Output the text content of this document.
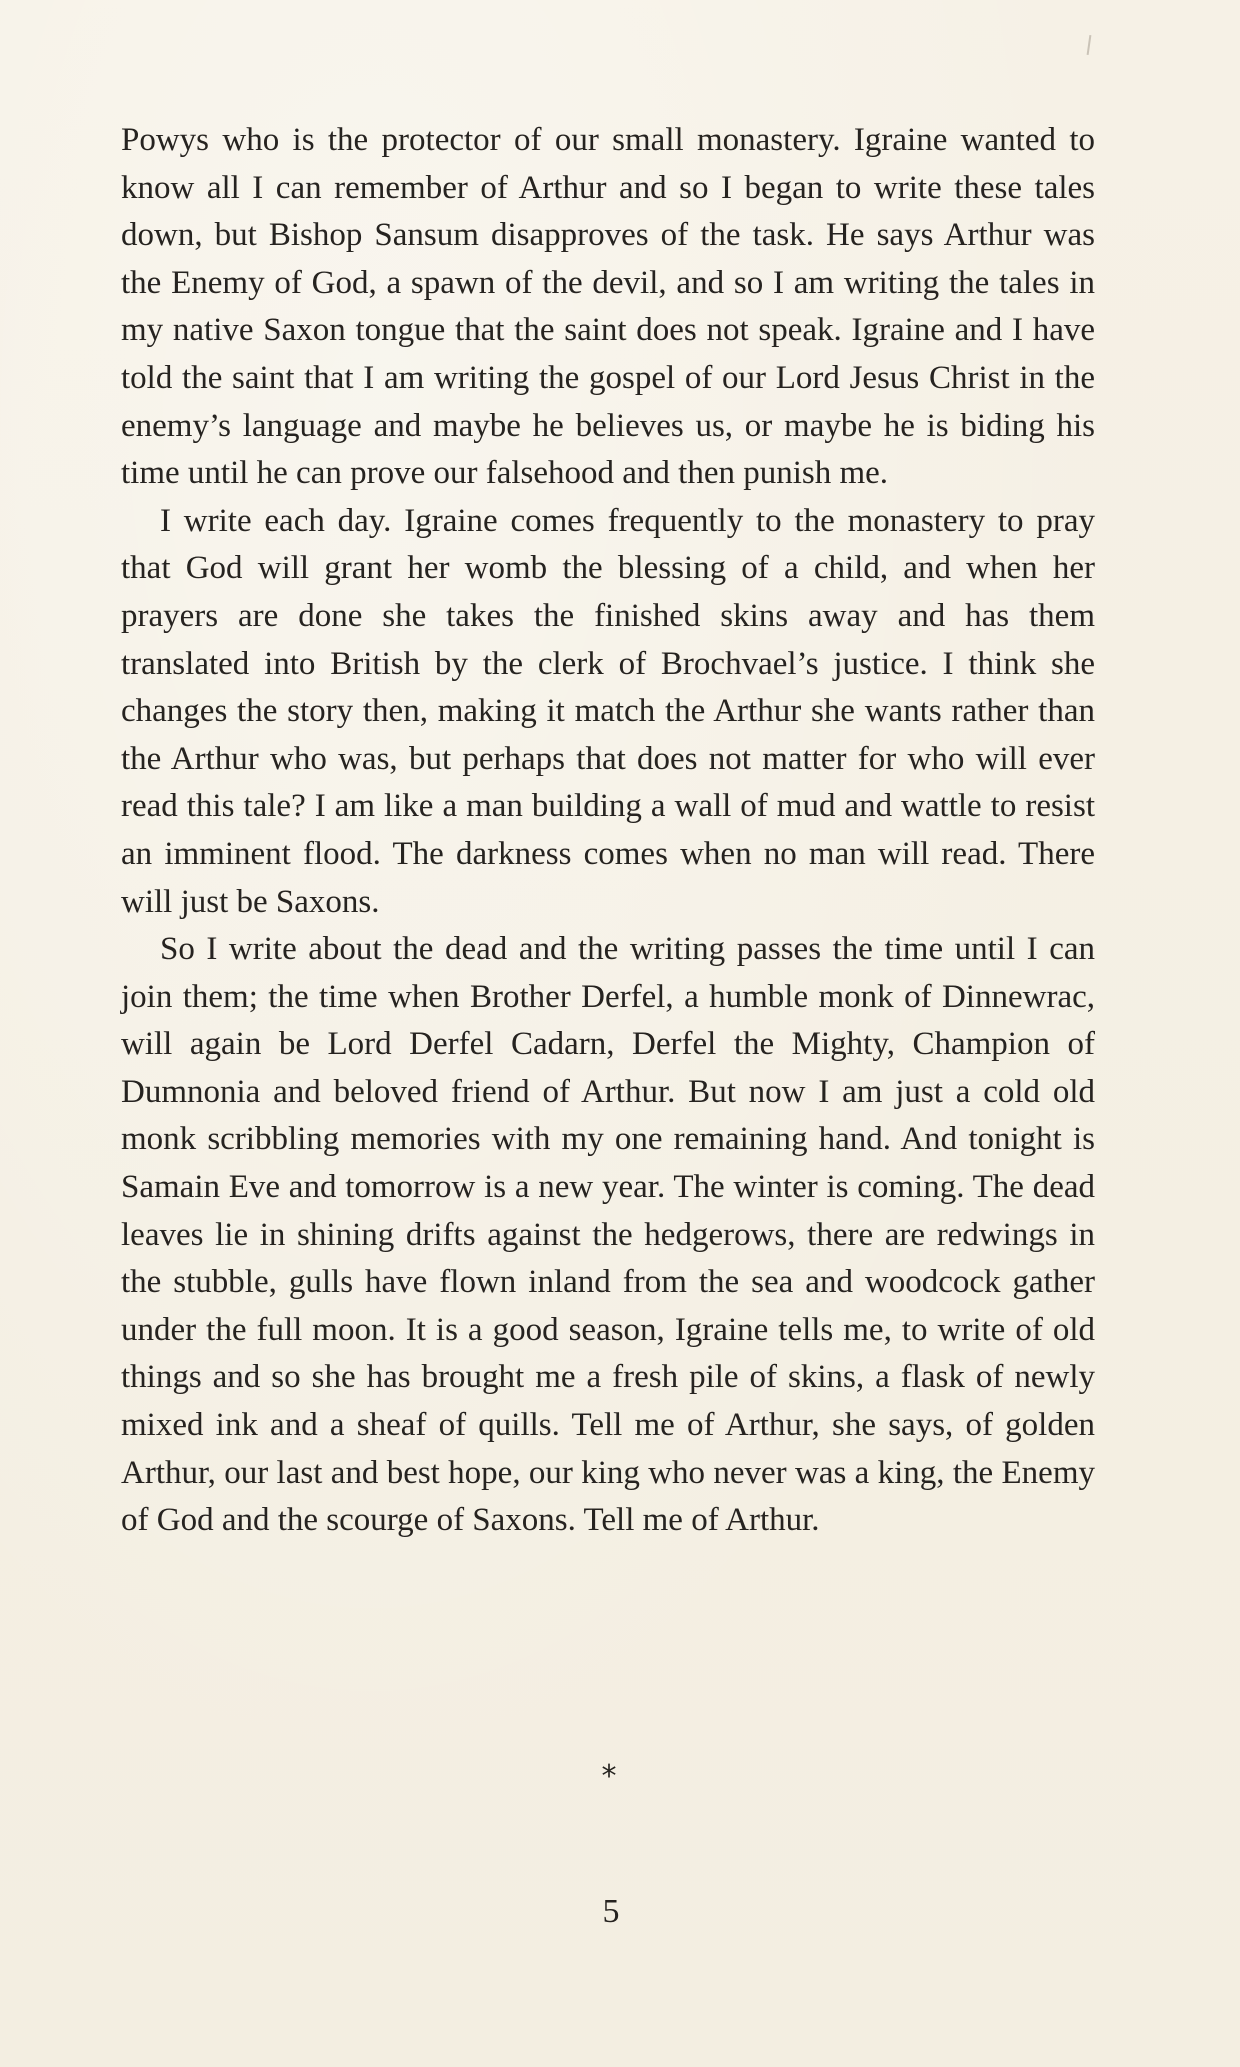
Powys who is the protector of our small monastery. Igraine wanted to know all I can remember of Arthur and so I began to write these tales down, but Bishop Sansum disapproves of the task. He says Arthur was the Enemy of God, a spawn of the devil, and so I am writing the tales in my native Saxon tongue that the saint does not speak. Igraine and I have told the saint that I am writing the gospel of our Lord Jesus Christ in the enemy’s language and maybe he believes us, or maybe he is biding his time until he can prove our falsehood and then punish me.

I write each day. Igraine comes frequently to the monastery to pray that God will grant her womb the blessing of a child, and when her prayers are done she takes the finished skins away and has them translated into British by the clerk of Brochvael’s justice. I think she changes the story then, making it match the Arthur she wants rather than the Arthur who was, but perhaps that does not matter for who will ever read this tale? I am like a man building a wall of mud and wattle to resist an imminent flood. The darkness comes when no man will read. There will just be Saxons.

So I write about the dead and the writing passes the time until I can join them; the time when Brother Derfel, a humble monk of Dinnewrac, will again be Lord Derfel Cadarn, Derfel the Mighty, Champion of Dumnonia and beloved friend of Arthur. But now I am just a cold old monk scribbling memories with my one remaining hand. And tonight is Samain Eve and tomorrow is a new year. The winter is coming. The dead leaves lie in shining drifts against the hedgerows, there are redwings in the stubble, gulls have flown inland from the sea and woodcock gather under the full moon. It is a good season, Igraine tells me, to write of old things and so she has brought me a fresh pile of skins, a flask of newly mixed ink and a sheaf of quills. Tell me of Arthur, she says, of golden Arthur, our last and best hope, our king who never was a king, the Enemy of God and the scourge of Saxons. Tell me of Arthur.

*
5
